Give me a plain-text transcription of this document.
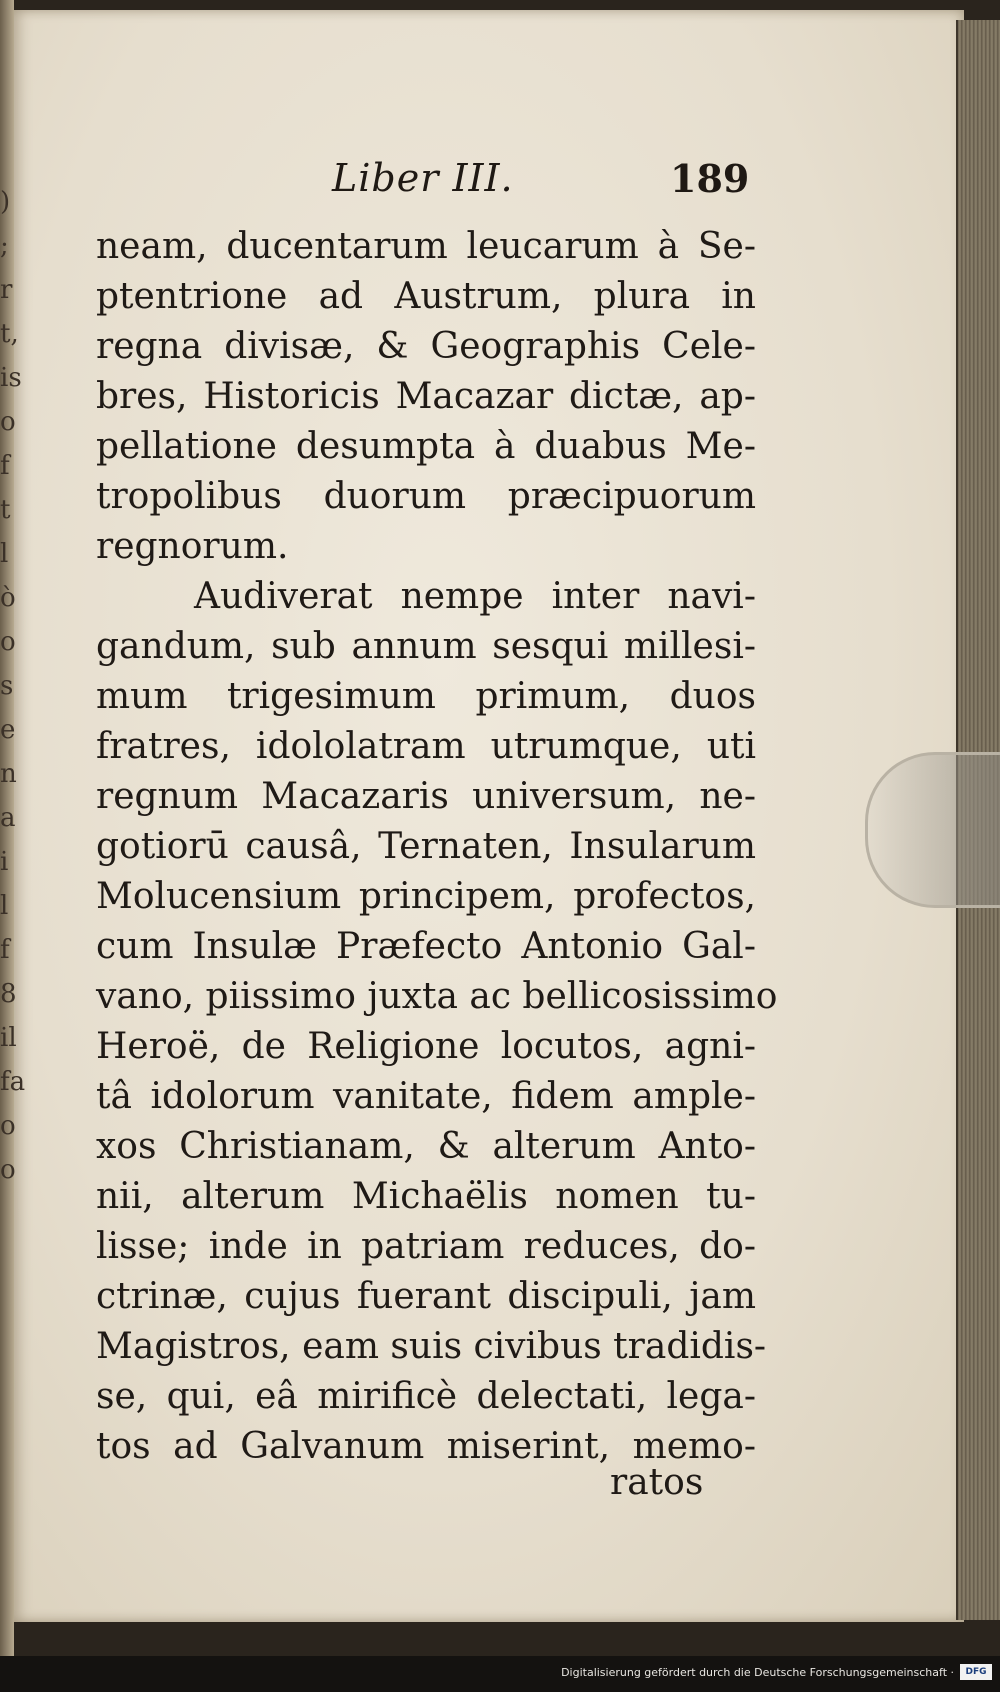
)
;
r
t,
is
o
f
t
l
ò
o
s
e
n
a
i
l
f
8
il
fa
o
o
Liber III.	189
neam, ducentarum leucarum à Se-
ptentrione ad Austrum, plura in
regna divisæ, & Geographis Cele-
bres, Historicis Macazar dictæ, ap-
pellatione desumpta à duabus Me-
tropolibus duorum præcipuorum
regnorum.
Audiverat nempe inter navi-
gandum, sub annum sesqui millesi-
mum trigesimum primum, duos
fratres, idololatram utrumque, uti
regnum Macazaris universum, ne-
gotiorū causâ, Ternaten, Insularum
Molucensium principem, profectos,
cum Insulæ Præfecto Antonio Gal-
vano, piissimo juxta ac bellicosissimo
Heroë, de Religione locutos, agni-
tâ idolorum vanitate, fidem ample-
xos Christianam, & alterum Anto-
nii, alterum Michaëlis nomen tu-
lisse; inde in patriam reduces, do-
ctrinæ, cujus fuerant discipuli, jam
Magistros, eam suis civibus tradidis-
se, qui, eâ mirificè delectati, lega-
tos ad Galvanum miserint, memo-
ratos
Digitalisierung gefördert durch die Deutsche Forschungsgemeinschaft ·	DFG
